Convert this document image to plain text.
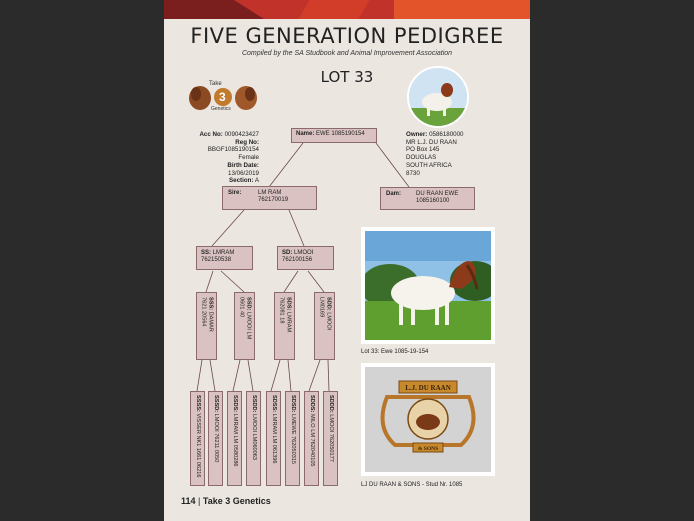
FIVE GENERATION PEDIGREE
Compiled by the SA Studbook and Animal Improvement Association
LOT 33
Take
3
Genetics
Acc No: 0090423427
Reg No: BBGF1085190154
Female
Birth Date: 13/06/2019
Section: A
Owner: 0586180000
MR L.J. DU RAAN
PO Box 145
DOUGLAS
SOUTH AFRICA
8730
Name: EWE 1085190154
Sire:	LM RAM
762170019
Dam: DU RAAN EWE
1085160100
SS: LMRAM
762150538
SD: LMOOI
762100156
SSS: DAMAR
7621 20564	SSD: LMOOI LM
0601 40	SDS: LMRAM
762081 18	SDD: LMOOI
LM0169
SSSS: VISSER NK1 1661 06216
SSSD: LMOOI 76211 0050
SSDS: LMRAM LM 0580286
SSDD: LMOOI LM060063
SDSS: LMRAM LM 061396
SDSD: LMEWE 762050315
SDDS: MILO LM 762040105
SDDD: LMOOI 762050177
Lot 33: Ewe 1085-19-154
L.J. DU RAAN
& SONS
LJ DU RAAN & SONS - Stud Nr. 1085
114 | Take 3 Genetics
